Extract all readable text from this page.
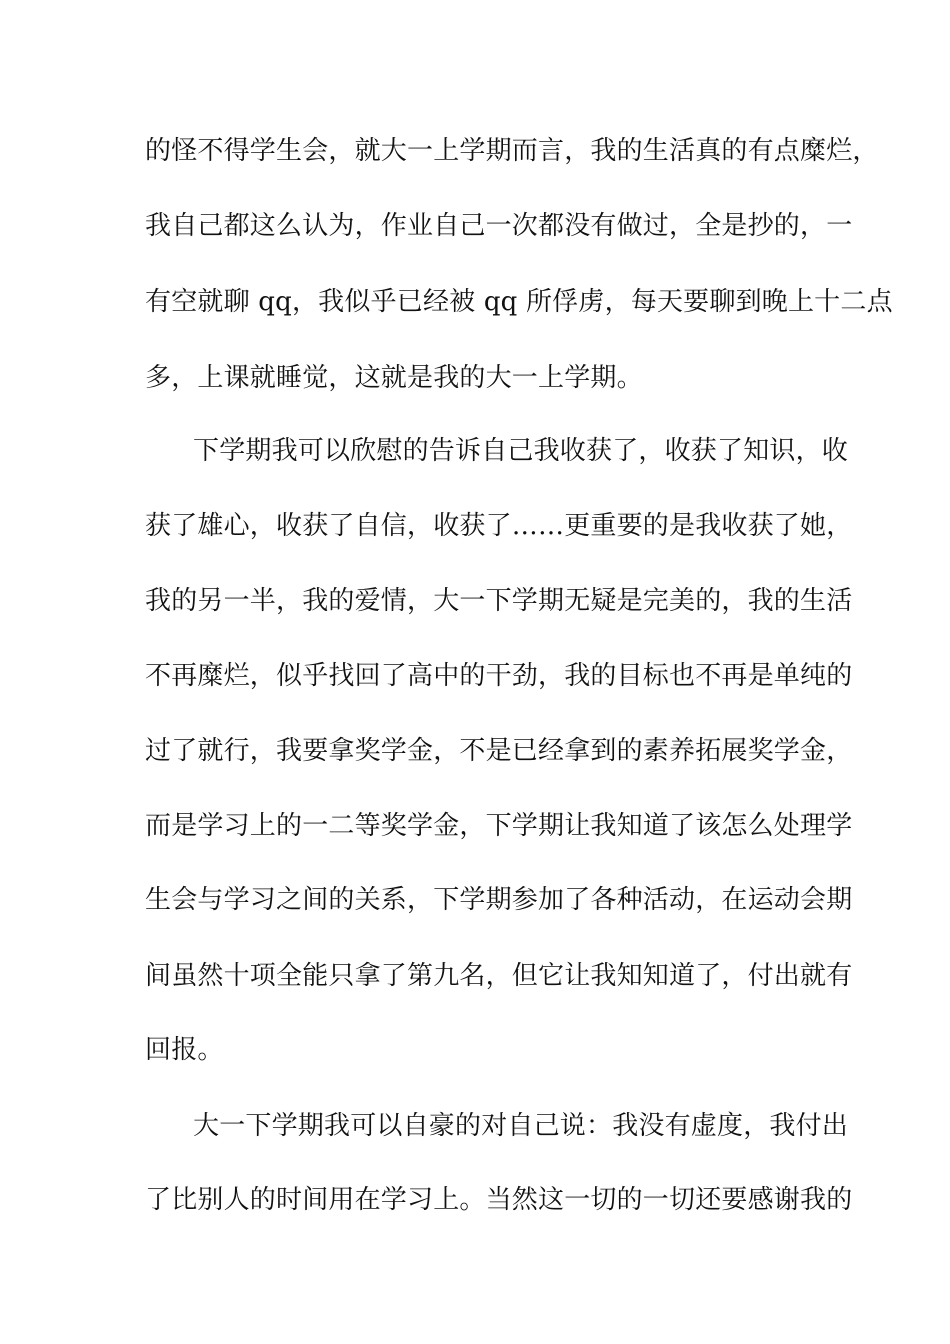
的怪不得学生会，就大一上学期而言，我的生活真的有点糜烂，
我自己都这么认为，作业自己一次都没有做过，全是抄的，一
有空就聊 qq，我似乎已经被 qq 所俘虏，每天要聊到晚上十二点
多，上课就睡觉，这就是我的大一上学期。
下学期我可以欣慰的告诉自己我收获了，收获了知识，收
获了雄心，收获了自信，收获了……更重要的是我收获了她，
我的另一半，我的爱情，大一下学期无疑是完美的，我的生活
不再糜烂，似乎找回了高中的干劲，我的目标也不再是单纯的
过了就行，我要拿奖学金，不是已经拿到的素养拓展奖学金，
而是学习上的一二等奖学金，下学期让我知道了该怎么处理学
生会与学习之间的关系，下学期参加了各种活动，在运动会期
间虽然十项全能只拿了第九名，但它让我知知道了，付出就有
回报。
大一下学期我可以自豪的对自己说：我没有虚度，我付出
了比别人的时间用在学习上。当然这一切的一切还要感谢我的
